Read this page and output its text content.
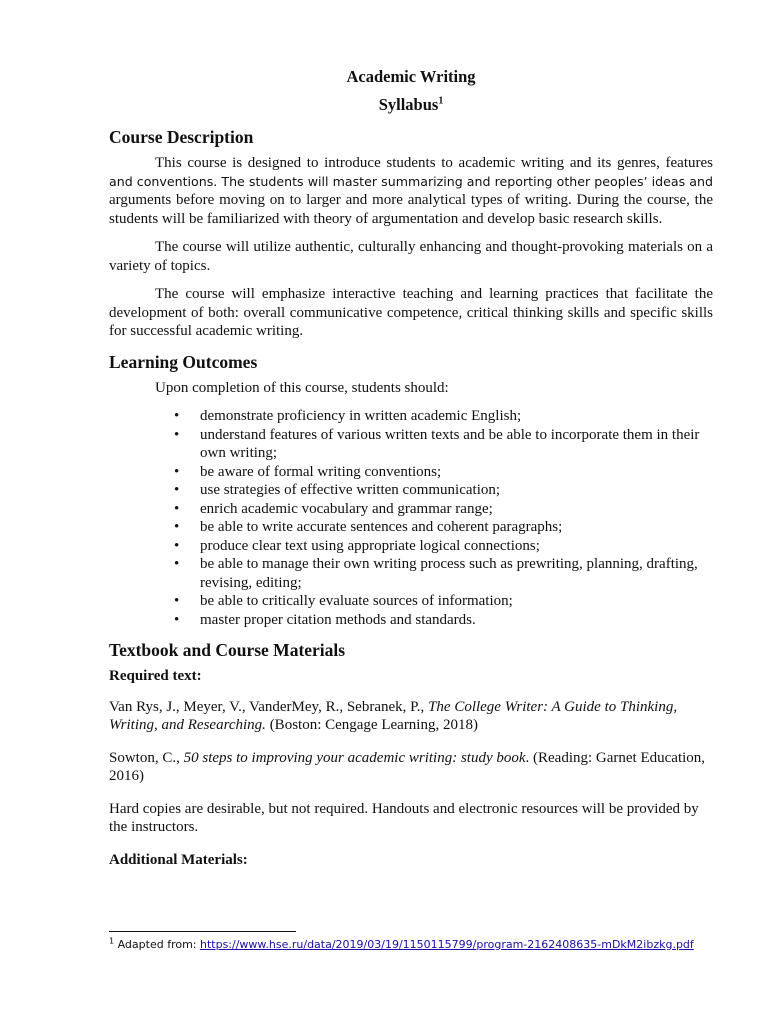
Academic Writing
Syllabus$^1$
Course Description

This course is designed to introduce students to academic writing and its genres, features and conventions. The students will master summarizing and reporting other peoples’ ideas and arguments before moving on to larger and more analytical types of writing. During the course, the students will be familiarized with theory of argumentation and develop basic research skills.

The course will utilize authentic, culturally enhancing and thought-provoking materials on a variety of topics.

The course will emphasize interactive teaching and learning practices that facilitate the development of both: overall communicative competence, critical thinking skills and specific skills for successful academic writing.

Learning Outcomes

Upon completion of this course, students should:

• demonstrate proficiency in written academic English;
• understand features of various written texts and be able to incorporate them in their own writing;
• be aware of formal writing conventions;
• use strategies of effective written communication;
• enrich academic vocabulary and grammar range;
• be able to write accurate sentences and coherent paragraphs;
• produce clear text using appropriate logical connections;
• be able to manage their own writing process such as prewriting, planning, drafting, revising, editing;
• be able to critically evaluate sources of information;
• master proper citation methods and standards.
Textbook and Course Materials
Required text:

Van Rys, J., Meyer, V., VanderMey, R., Sebranek, P., The College Writer: A Guide to Thinking, Writing, and Researching. (Boston: Cengage Learning, 2018)

Sowton, C., 50 steps to improving your academic writing: study book. (Reading: Garnet Education, 2016)

Hard copies are desirable, but not required. Handouts and electronic resources will be provided by the instructors.

Additional Materials:
$^1$ Adapted from: https://www.hse.ru/data/2019/03/19/1150115799/program-2162408635-mDkM2ibzkg.pdf
